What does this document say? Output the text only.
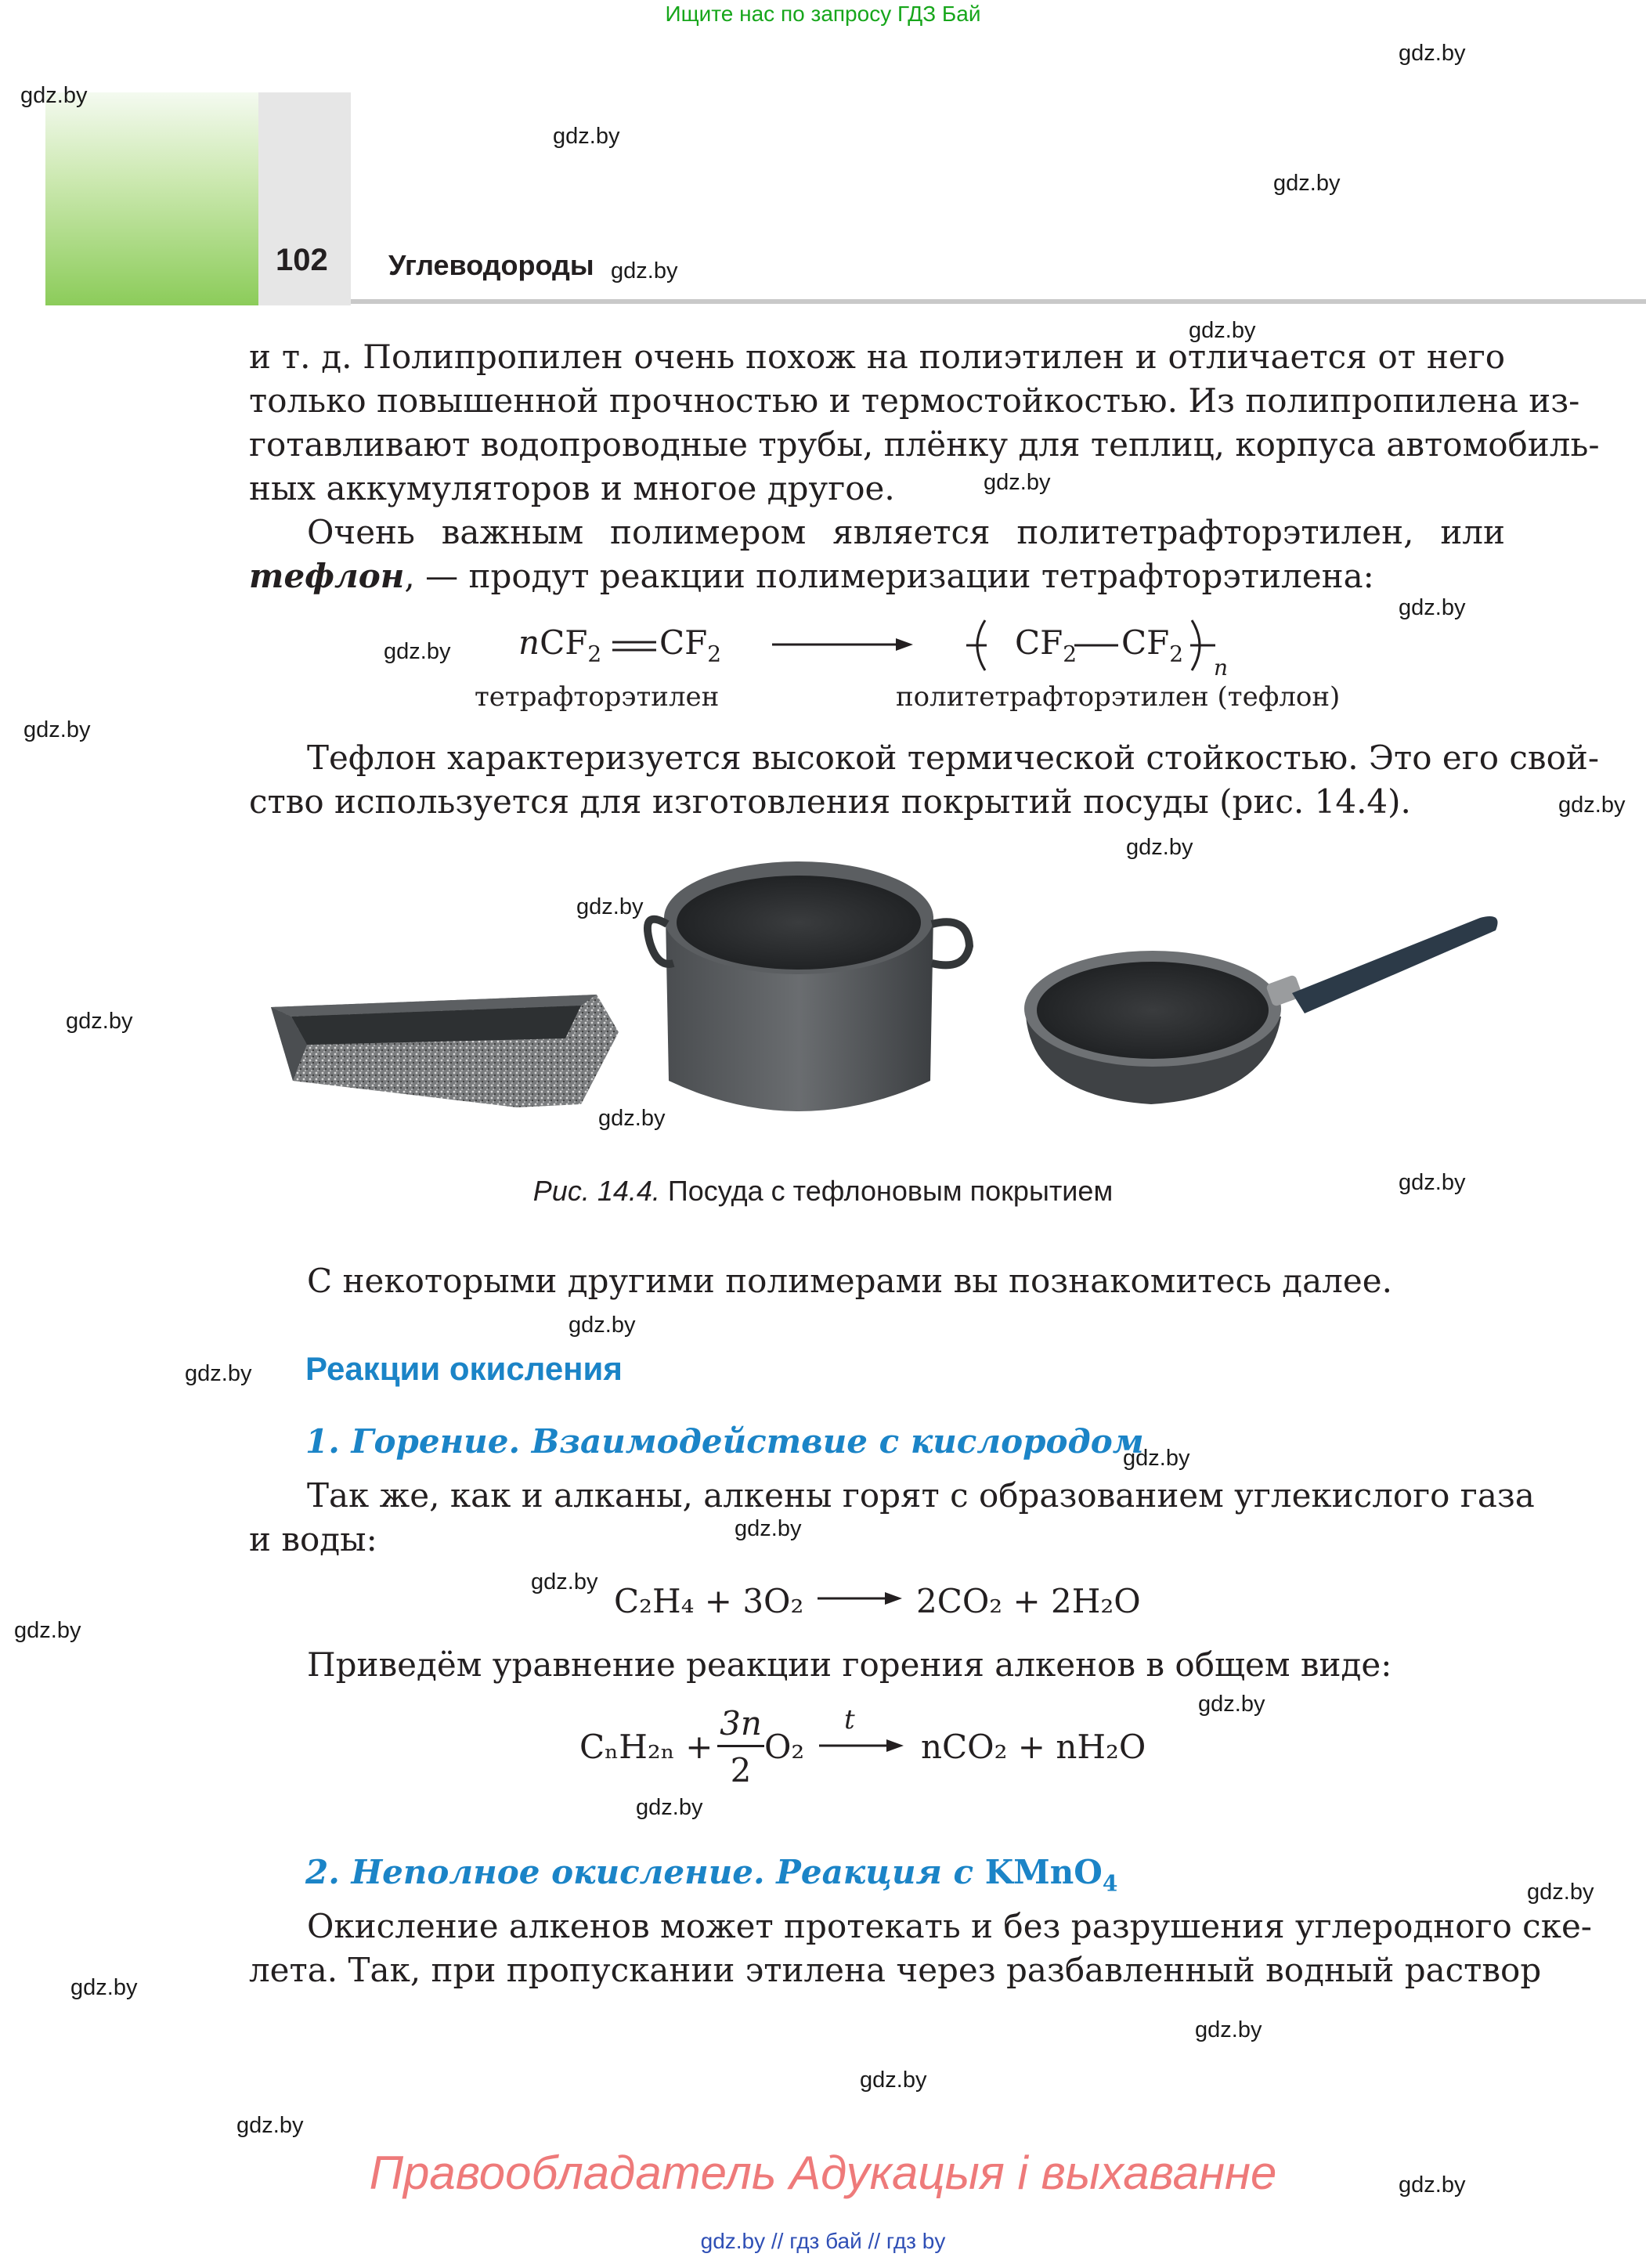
Ищите нас по запросу ГДЗ Бай
102 Углеводороды
gdz.by
gdz.by
gdz.by
gdz.by
gdz.by
gdz.by
gdz.by
gdz.by
gdz.by
gdz.by
gdz.by
gdz.by
gdz.by
gdz.by
gdz.by
gdz.by
gdz.by
gdz.by
gdz.by
gdz.by
gdz.by
gdz.by
gdz.by
gdz.by
gdz.by
gdz.by
gdz.by
gdz.by
gdz.by
gdz.by
и т. д. Полипропилен очень похож на полиэтилен и отличается от него
только повышенной прочностью и термостойкостью. Из полипропилена из-
готавливают водопроводные трубы, плёнку для теплиц, корпуса автомобиль-
ных аккумуляторов и многое другое.
Очень важным полимером является политетрафторэтилен, или
тефлон, — продут реакции полимеризации тетрафторэтилена:
nCF$_2$ $CF_2$	$CF_2$ $CF_2$
n
тетрафторэтилен	политетрафторэтилен (тефлон)
Тефлон характеризуется высокой термической стойкостью. Это его свой-
ство используется для изготовления покрытий посуды (рис. 14.4).
Рис. 14.4. Посуда с тефлоновым покрытием
С некоторыми другими полимерами вы познакомитесь далее.
Реакции окисления
1. Горение. Взаимодействие с кислородом
Так же, как и алканы, алкены горят с образованием углекислого газа
и воды:
C₂H₄ + 3O₂	2CO₂ + 2H₂O
Приведём уравнение реакции горения алкенов в общем виде:
CₙH₂ₙ +
3n
2
O₂
t
nCO₂ + nH₂O
2. Неполное окисление. Реакция с KMnO$_4$
Окисление алкенов может протекать и без разрушения углеродного ске-
лета. Так, при пропускании этилена через разбавленный водный раствор
Правообладатель Адукацыя і выхаванне
gdz.by // гдз бай // гдз by
